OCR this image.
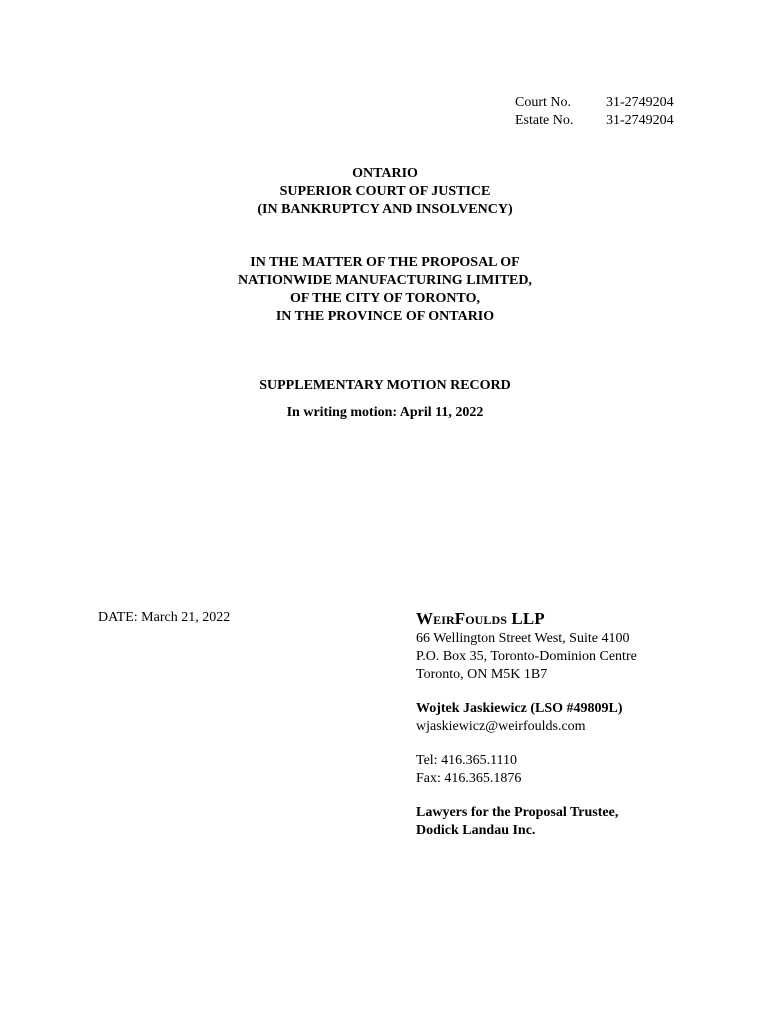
Court No.	31-2749204
Estate No.	31-2749204
ONTARIO
SUPERIOR COURT OF JUSTICE
(IN BANKRUPTCY AND INSOLVENCY)
IN THE MATTER OF THE PROPOSAL OF
NATIONWIDE MANUFACTURING LIMITED,
OF THE CITY OF TORONTO,
IN THE PROVINCE OF ONTARIO
SUPPLEMENTARY MOTION RECORD
In writing motion: April 11, 2022
DATE: March 21, 2022	WeirFoulds LLP
66 Wellington Street West, Suite 4100
P.O. Box 35, Toronto-Dominion Centre
Toronto, ON M5K 1B7
Wojtek Jaskiewicz (LSO #49809L)
wjaskiewicz@weirfoulds.com
Tel: 416.365.1110
Fax: 416.365.1876
Lawyers for the Proposal Trustee,
Dodick Landau Inc.
